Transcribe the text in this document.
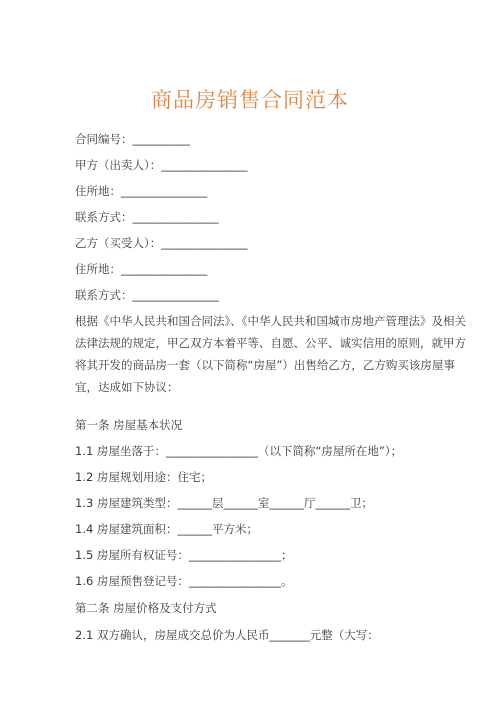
商品房销售合同范本
合同编号：__________
甲方（出卖人）：_______________
住所地：_______________
联系方式：_______________
乙方（买受人）：_______________
住所地：_______________
联系方式：_______________
根据《中华人民共和国合同法》、《中华人民共和国城市房地产管理法》及相关
法律法规的规定，甲乙双方本着平等、自愿、公平、诚实信用的原则，就甲方
将其开发的商品房一套（以下简称“房屋”）出售给乙方，乙方购买该房屋事
宜，达成如下协议：
第一条 房屋基本状况
1.1 房屋坐落于：________________（以下简称“房屋所在地”）；
1.2 房屋规划用途：住宅；
1.3 房屋建筑类型：______层______室______厅______卫；
1.4 房屋建筑面积：______平方米；
1.5 房屋所有权证号：________________；
1.6 房屋预售登记号：________________。
第二条 房屋价格及支付方式
2.1 双方确认，房屋成交总价为人民币_______元整（大写：
